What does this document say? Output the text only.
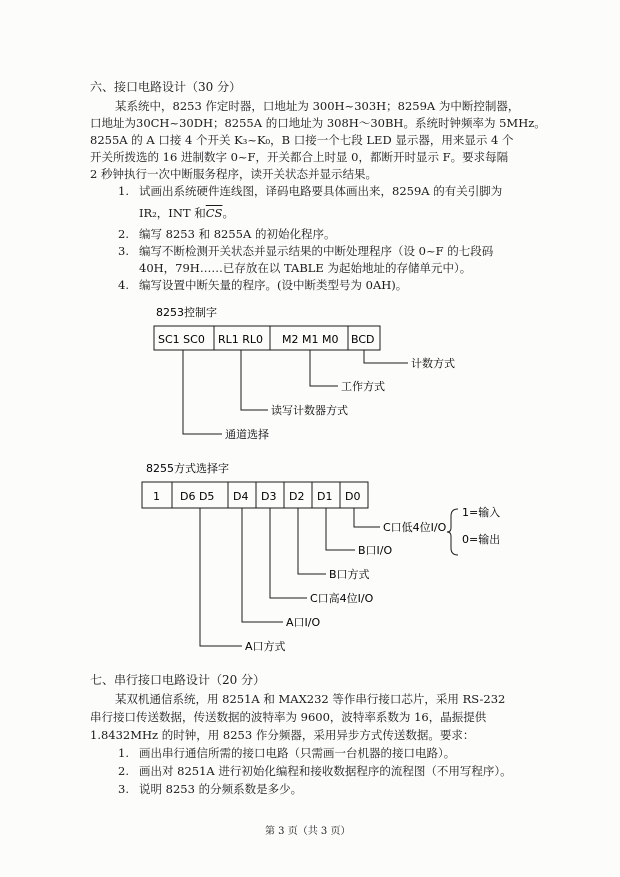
六、接口电路设计（30 分）
某系统中，8253 作定时器，口地址为 300H~303H；8259A 为中断控制器，
口地址为30CH~30DH；8255A 的口地址为 308H～30BH。系统时钟频率为 5MHz。
8255A 的 A 口接 4 个开关 K₃~K₀，B 口接一个七段 LED 显示器，用来显示 4 个
开关所拨选的 16 进制数字 0~F，开关都合上时显 0，都断开时显示 F。要求每隔
2 秒钟执行一次中断服务程序，读开关状态并显示结果。
1. 试画出系统硬件连线图，译码电路要具体画出来，8259A 的有关引脚为
IR₂，INT 和$\overline{CS}$。
2. 编写 8253 和 8255A 的初始化程序。
3. 编写不断检测开关状态并显示结果的中断处理程序（设 0~F 的七段码
40H，79H……已存放在以 TABLE 为起始地址的存储单元中）。
4. 编写设置中断矢量的程序。(设中断类型号为 0AH)。
8253控制字
SC1 SC0 RL1 RL0 M2 M1 M0 BCD
计数方式
工作方式
读写计数器方式
通道选择
8255方式选择字
1 D6 D5 D4 D3 D2 D1 D0
C口低4位I/O
1=输入
0=输出
B口I/O
B口方式
C口高4位I/O
A口I/O
A口方式
七、串行接口电路设计（20 分）
某双机通信系统，用 8251A 和 MAX232 等作串行接口芯片，采用 RS-232
串行接口传送数据，传送数据的波特率为 9600，波特率系数为 16，晶振提供
1.8432MHz 的时钟，用 8253 作分频器，采用异步方式传送数据。要求：
1. 画出串行通信所需的接口电路（只需画一台机器的接口电路）。
2. 画出对 8251A 进行初始化编程和接收数据程序的流程图（不用写程序）。
3. 说明 8253 的分频系数是多少。
第 3 页（共 3 页）
